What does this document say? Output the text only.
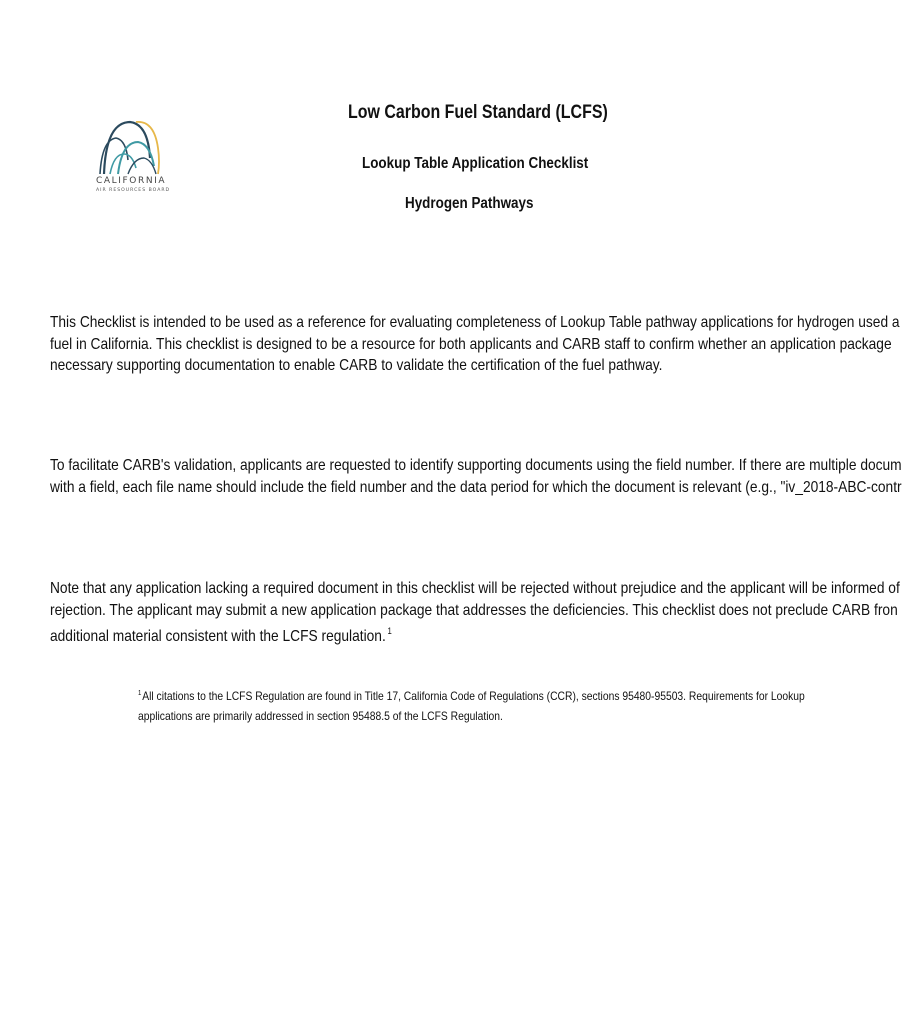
CALIFORNIA
AIR RESOURCES BOARD
Low Carbon Fuel Standard (LCFS)
Lookup Table Application Checklist
Hydrogen Pathways
This Checklist is intended to be used as a reference for evaluating completeness of Lookup Table pathway applications for hydrogen used a
fuel in California. This checklist is designed to be a resource for both applicants and CARB staff to confirm whether an application package
necessary supporting documentation to enable CARB to validate the certification of the fuel pathway.
To facilitate CARB's validation, applicants are requested to identify supporting documents using the field number. If there are multiple docum
with a field, each file name should include the field number and the data period for which the document is relevant (e.g., "iv_2018-ABC-contr
Note that any application lacking a required document in this checklist will be rejected without prejudice and the applicant will be informed of
rejection. The applicant may submit a new application package that addresses the deficiencies. This checklist does not preclude CARB fron
additional material consistent with the LCFS regulation. $^1$
$^1$All citations to the LCFS Regulation are found in Title 17, California Code of Regulations (CCR), sections 95480-95503. Requirements for Lookup
applications are primarily addressed in section 95488.5 of the LCFS Regulation.
